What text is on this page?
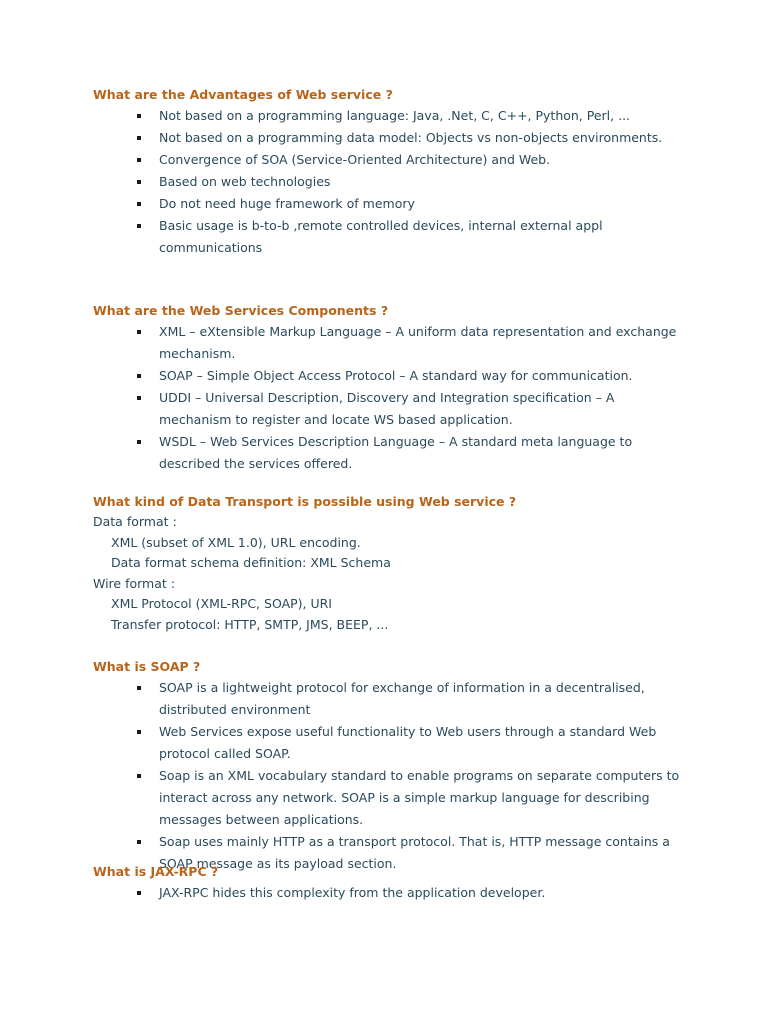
What are the Advantages of Web service ?
Not based on a programming language: Java, .Net, C, C++, Python, Perl, ...
Not based on a programming data model: Objects vs non-objects environments.
Convergence of SOA (Service-Oriented Architecture) and Web.
Based on web technologies
Do not need huge framework of memory
Basic usage is b-to-b ,remote controlled devices, internal external appl communications
What are the Web Services Components ?
XML – eXtensible Markup Language – A uniform data representation and exchange mechanism.
SOAP – Simple Object Access Protocol – A standard way for communication.
UDDI – Universal Description, Discovery and Integration specification – A mechanism to register and locate WS based application.
WSDL – Web Services Description Language – A standard meta language to described the services offered.
What kind of Data Transport is possible using Web service ?
Data format :
XML (subset of XML 1.0), URL encoding.
Data format schema definition: XML Schema
Wire format :
XML Protocol (XML-RPC, SOAP), URI
Transfer protocol: HTTP, SMTP, JMS, BEEP, ...
What is SOAP ?
SOAP is a lightweight protocol for exchange of information in a decentralised, distributed environment
Web Services expose useful functionality to Web users through a standard Web protocol called SOAP.
Soap is an XML vocabulary standard to enable programs on separate computers to interact across any network. SOAP is a simple markup language for describing messages between applications.
Soap uses mainly HTTP as a transport protocol. That is, HTTP message contains a SOAP message as its payload section.
What is JAX-RPC ?
JAX-RPC hides this complexity from the application developer.
